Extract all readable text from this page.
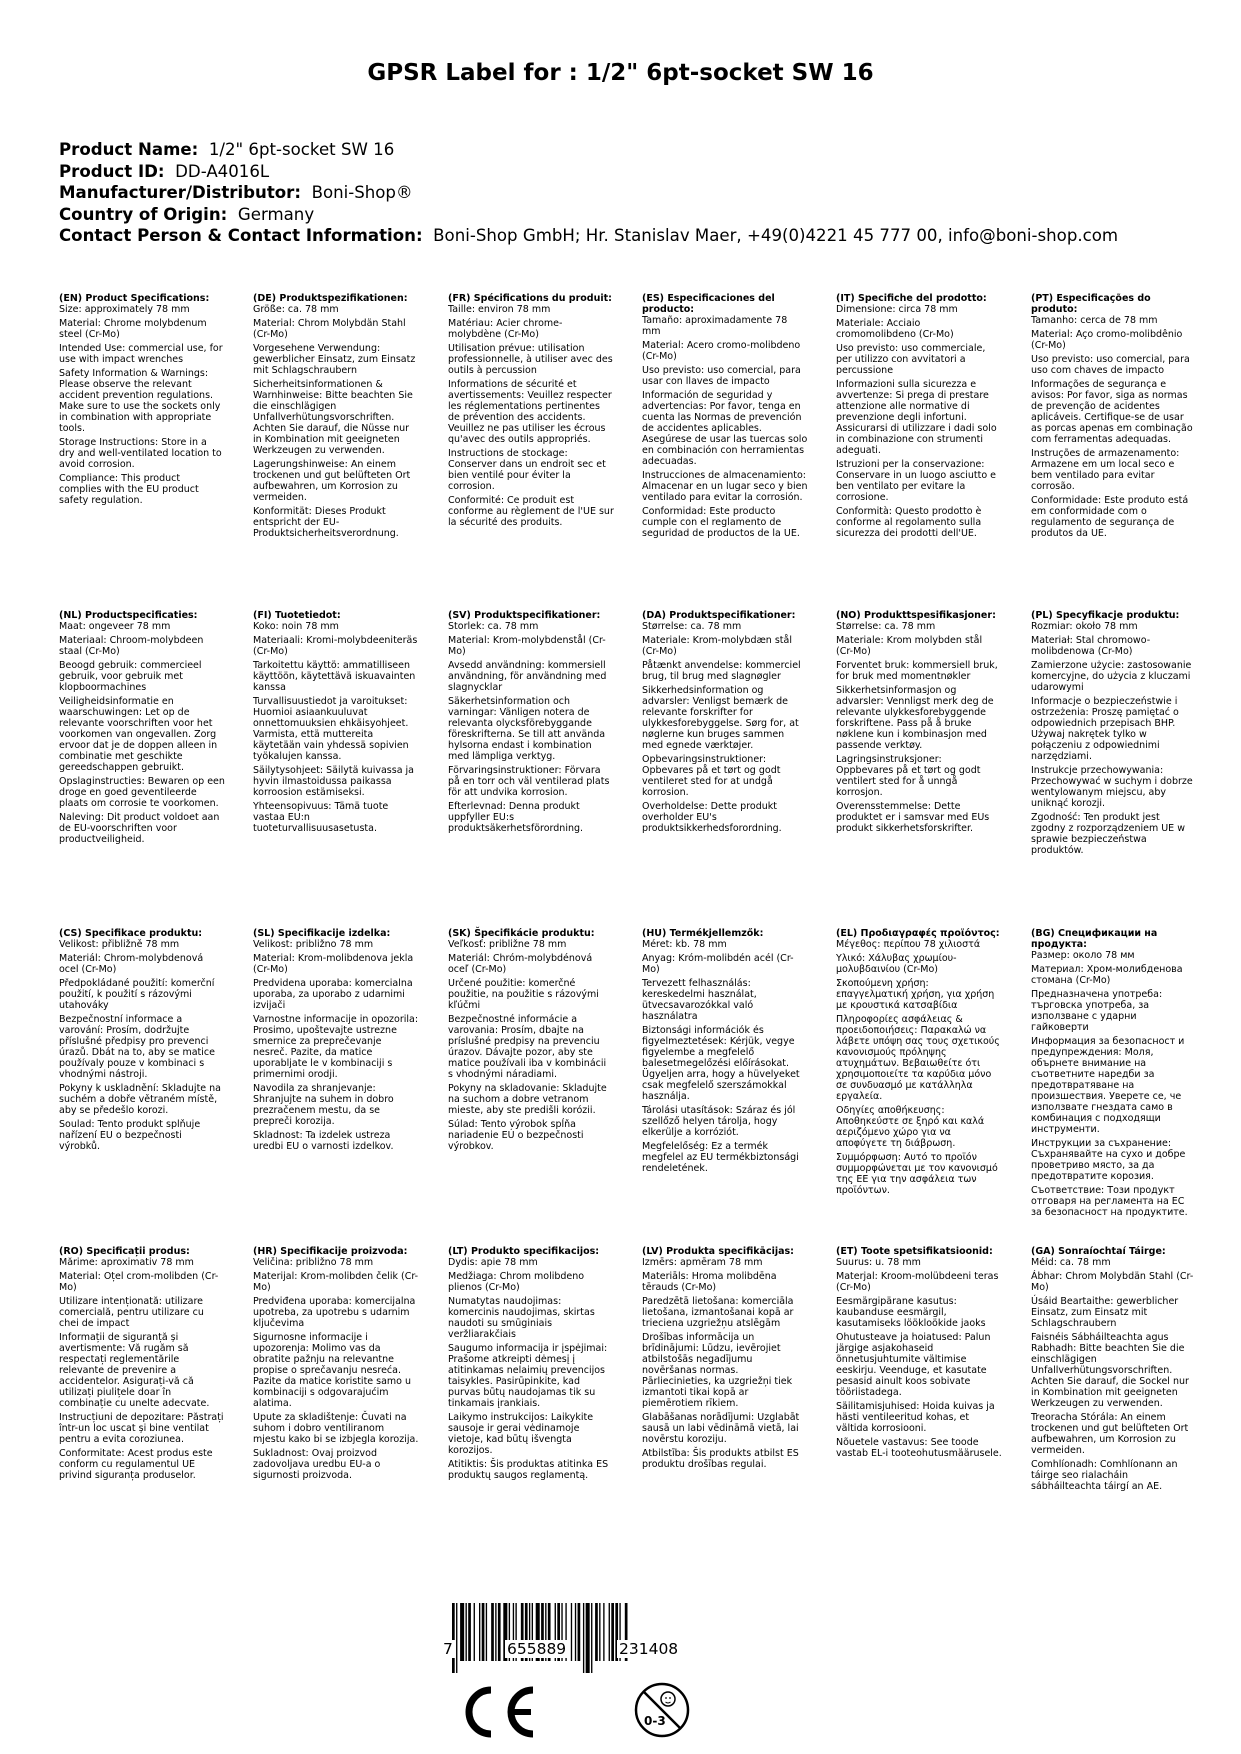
GPSR Label for : 1/2" 6pt-socket SW 16
Product Name: 1/2" 6pt-socket SW 16
Product ID: DD-A4016L
Manufacturer/Distributor: Boni-Shop®
Country of Origin: Germany
Contact Person & Contact Information: Boni-Shop GmbH; Hr. Stanislav Maer, +49(0)4221 45 777 00, info@boni-shop.com
(EN) Product Specifications:
Size: approximately 78 mm
Material: Chrome molybdenum steel (Cr-Mo)
Intended Use: commercial use, for use with impact wrenches
Safety Information & Warnings: Please observe the relevant accident prevention regulations. Make sure to use the sockets only in combination with appropriate tools.
Storage Instructions: Store in a dry and well-ventilated location to avoid corrosion.
Compliance: This product complies with the EU product safety regulation.
(DE) Produktspezifikationen:
Größe: ca. 78 mm
Material: Chrom Molybdän Stahl (Cr-Mo)
Vorgesehene Verwendung: gewerblicher Einsatz, zum Einsatz mit Schlagschraubern
Sicherheitsinformationen & Warnhinweise: Bitte beachten Sie die einschlägigen Unfallverhütungsvorschriften. Achten Sie darauf, die Nüsse nur in Kombination mit geeigneten Werkzeugen zu verwenden.
Lagerungshinweise: An einem trockenen und gut belüfteten Ort aufbewahren, um Korrosion zu vermeiden.
Konformität: Dieses Produkt entspricht der EU-Produktsicherheitsverordnung.
(FR) Spécifications du produit:
Taille: environ 78 mm
Matériau: Acier chrome-molybdène (Cr-Mo)
Utilisation prévue: utilisation professionnelle, à utiliser avec des outils à percussion
Informations de sécurité et avertissements: Veuillez respecter les réglementations pertinentes de prévention des accidents. Veuillez ne pas utiliser les écrous qu'avec des outils appropriés.
Instructions de stockage: Conserver dans un endroit sec et bien ventilé pour éviter la corrosion.
Conformité: Ce produit est conforme au règlement de l'UE sur la sécurité des produits.
(ES) Especificaciones del producto:
Tamaño: aproximadamente 78 mm
Material: Acero cromo-molibdeno (Cr-Mo)
Uso previsto: uso comercial, para usar con llaves de impacto
Información de seguridad y advertencias: Por favor, tenga en cuenta las Normas de prevención de accidentes aplicables. Asegúrese de usar las tuercas solo en combinación con herramientas adecuadas.
Instrucciones de almacenamiento: Almacenar en un lugar seco y bien ventilado para evitar la corrosión.
Conformidad: Este producto cumple con el reglamento de seguridad de productos de la UE.
(IT) Specifiche del prodotto:
Dimensione: circa 78 mm
Materiale: Acciaio cromomolibdeno (Cr-Mo)
Uso previsto: uso commerciale, per utilizzo con avvitatori a percussione
Informazioni sulla sicurezza e avvertenze: Si prega di prestare attenzione alle normative di prevenzione degli infortuni. Assicurarsi di utilizzare i dadi solo in combinazione con strumenti adeguati.
Istruzioni per la conservazione: Conservare in un luogo asciutto e ben ventilato per evitare la corrosione.
Conformità: Questo prodotto è conforme al regolamento sulla sicurezza dei prodotti dell'UE.
(PT) Especificações do produto:
Tamanho: cerca de 78 mm
Material: Aço cromo-molibdênio (Cr-Mo)
Uso previsto: uso comercial, para uso com chaves de impacto
Informações de segurança e avisos: Por favor, siga as normas de prevenção de acidentes aplicáveis. Certifique-se de usar as porcas apenas em combinação com ferramentas adequadas.
Instruções de armazenamento: Armazene em um local seco e bem ventilado para evitar corrosão.
Conformidade: Este produto está em conformidade com o regulamento de segurança de produtos da UE.
(NL) Productspecificaties:
Maat: ongeveer 78 mm
Materiaal: Chroom-molybdeen staal (Cr-Mo)
Beoogd gebruik: commercieel gebruik, voor gebruik met klopboormachines
Veiligheidsinformatie en waarschuwingen: Let op de relevante voorschriften voor het voorkomen van ongevallen. Zorg ervoor dat je de doppen alleen in combinatie met geschikte gereedschappen gebruikt.
Opslaginstructies: Bewaren op een droge en goed geventileerde plaats om corrosie te voorkomen.
Naleving: Dit product voldoet aan de EU-voorschriften voor productveiligheid.
(FI) Tuotetiedot:
Koko: noin 78 mm
Materiaali: Kromi-molybdeeniteräs (Cr-Mo)
Tarkoitettu käyttö: ammatilliseen käyttöön, käytettävä iskuavainten kanssa
Turvallisuustiedot ja varoitukset: Huomioi asiaankuuluvat onnettomuuksien ehkäisyohjeet. Varmista, että muttereita käytetään vain yhdessä sopivien työkalujen kanssa.
Säilytysohjeet: Säilytä kuivassa ja hyvin ilmastoidussa paikassa korroosion estämiseksi.
Yhteensopivuus: Tämä tuote vastaa EU:n tuoteturvallisuusasetusta.
(SV) Produktspecifikationer:
Storlek: ca. 78 mm
Material: Krom-molybdenstål (Cr-Mo)
Avsedd användning: kommersiell användning, för användning med slagnycklar
Säkerhetsinformation och varningar: Vänligen notera de relevanta olycksförebyggande föreskrifterna. Se till att använda hylsorna endast i kombination med lämpliga verktyg.
Förvaringsinstruktioner: Förvara på en torr och väl ventilerad plats för att undvika korrosion.
Efterlevnad: Denna produkt uppfyller EU:s produktsäkerhetsförordning.
(DA) Produktspecifikationer:
Størrelse: ca. 78 mm
Materiale: Krom-molybdæn stål (Cr-Mo)
Påtænkt anvendelse: kommerciel brug, til brug med slagnøgler
Sikkerhedsinformation og advarsler: Venligst bemærk de relevante forskrifter for ulykkesforebyggelse. Sørg for, at nøglerne kun bruges sammen med egnede værktøjer.
Opbevaringsinstruktioner: Opbevares på et tørt og godt ventileret sted for at undgå korrosion.
Overholdelse: Dette produkt overholder EU's produktsikkerhedsforordning.
(NO) Produkttspesifikasjoner:
Størrelse: ca. 78 mm
Materiale: Krom molybden stål (Cr-Mo)
Forventet bruk: kommersiell bruk, for bruk med momentnøkler
Sikkerhetsinformasjon og advarsler: Vennligst merk deg de relevante ulykkesforebyggende forskriftene. Pass på å bruke nøklene kun i kombinasjon med passende verktøy.
Lagringsinstruksjoner: Oppbevares på et tørt og godt ventilert sted for å unngå korrosjon.
Overensstemmelse: Dette produktet er i samsvar med EUs produkt sikkerhetsforskrifter.
(PL) Specyfikacje produktu:
Rozmiar: około 78 mm
Materiał: Stal chromowo-molibdenowa (Cr-Mo)
Zamierzone użycie: zastosowanie komercyjne, do użycia z kluczami udarowymi
Informacje o bezpieczeństwie i ostrzeżenia: Proszę pamiętać o odpowiednich przepisach BHP. Używaj nakrętek tylko w połączeniu z odpowiednimi narzędziami.
Instrukcje przechowywania: Przechowywać w suchym i dobrze wentylowanym miejscu, aby uniknąć korozji.
Zgodność: Ten produkt jest zgodny z rozporządzeniem UE w sprawie bezpieczeństwa produktów.
(CS) Specifikace produktu:
Velikost: přibližně 78 mm
Materiál: Chrom-molybdenová ocel (Cr-Mo)
Předpokládané použití: komerční použití, k použití s rázovými utahováky
Bezpečnostní informace a varování: Prosím, dodržujte příslušné předpisy pro prevenci úrazů. Dbát na to, aby se matice používaly pouze v kombinaci s vhodnými nástroji.
Pokyny k uskladnění: Skladujte na suchém a dobře větraném místě, aby se předešlo korozi.
Soulad: Tento produkt splňuje nařízení EU o bezpečnosti výrobků.
(SL) Specifikacije izdelka:
Velikost: približno 78 mm
Material: Krom-molibdenova jekla (Cr-Mo)
Predvidena uporaba: komercialna uporaba, za uporabo z udarnimi izvijači
Varnostne informacije in opozorila: Prosimo, upoštevajte ustrezne smernice za preprečevanje nesreč. Pazite, da matice uporabljate le v kombinaciji s primernimi orodji.
Navodila za shranjevanje: Shranjujte na suhem in dobro prezračenem mestu, da se prepreči korozija.
Skladnost: Ta izdelek ustreza uredbi EU o varnosti izdelkov.
(SK) Špecifikácie produktu:
Veľkosť: približne 78 mm
Materiál: Chróm-molybdénová oceľ (Cr-Mo)
Určené použitie: komerčné použitie, na použitie s rázovými kľúčmi
Bezpečnostné informácie a varovania: Prosím, dbajte na príslušné predpisy na prevenciu úrazov. Dávajte pozor, aby ste matice používali iba v kombinácii s vhodnými náradiami.
Pokyny na skladovanie: Skladujte na suchom a dobre vetranom mieste, aby ste predišli korózii.
Súlad: Tento výrobok spĺňa nariadenie EÚ o bezpečnosti výrobkov.
(HU) Termékjellemzők:
Méret: kb. 78 mm
Anyag: Króm-molibdén acél (Cr-Mo)
Tervezett felhasználás: kereskedelmi használat, ütvecsavarozókkal való használatra
Biztonsági információk és figyelmeztetések: Kérjük, vegye figyelembe a megfelelő balesetmegelőzési előírásokat. Ügyeljen arra, hogy a hüvelyeket csak megfelelő szerszámokkal használja.
Tárolási utasítások: Száraz és jól szellőző helyen tárolja, hogy elkerülje a korróziót.
Megfelelőség: Ez a termék megfelel az EU termékbiztonsági rendeletének.
(EL) Προδιαγραφές προϊόντος:
Μέγεθος: περίπου 78 χιλιοστά
Υλικό: Χάλυβας χρωμίου-μολυβδαινίου (Cr-Mo)
Σκοπούμενη χρήση: επαγγελματική χρήση, για χρήση με κρουστικά κατσαβίδια
Πληροφορίες ασφάλειας & προειδοποιήσεις: Παρακαλώ να λάβετε υπόψη σας τους σχετικούς κανονισμούς πρόληψης ατυχημάτων. Βεβαιωθείτε ότι χρησιμοποιείτε τα καρύδια μόνο σε συνδυασμό με κατάλληλα εργαλεία.
Οδηγίες αποθήκευσης: Αποθηκεύστε σε ξηρό και καλά αεριζόμενο χώρο για να αποφύγετε τη διάβρωση.
Συμμόρφωση: Αυτό το προϊόν συμμορφώνεται με τον κανονισμό της ΕΕ για την ασφάλεια των προϊόντων.
(BG) Спецификации на продукта:
Размер: около 78 мм
Материал: Хром-молибденова стомана (Cr-Mo)
Предназначена употреба: търговска употреба, за използване с ударни гайковерти
Информация за безопасност и предупреждения: Моля, обърнете внимание на съответните наредби за предотвратяване на произшествия. Уверете се, че използвате гнездата само в комбинация с подходящи инструменти.
Инструкции за съхранение: Съхранявайте на сухо и добре проветриво място, за да предотвратите корозия.
Съответствие: Този продукт отговаря на регламента на ЕС за безопасност на продуктите.
(RO) Specificații produs:
Mărime: aproximativ 78 mm
Material: Oțel crom-molibden (Cr-Mo)
Utilizare intenționată: utilizare comercială, pentru utilizare cu chei de impact
Informații de siguranță și avertismente: Vă rugăm să respectați reglementările relevante de prevenire a accidentelor. Asigurați-vă că utilizați piulițele doar în combinație cu unelte adecvate.
Instrucțiuni de depozitare: Păstrați într-un loc uscat și bine ventilat pentru a evita coroziunea.
Conformitate: Acest produs este conform cu regulamentul UE privind siguranța produselor.
(HR) Specifikacije proizvoda:
Veličina: približno 78 mm
Materijal: Krom-molibden čelik (Cr-Mo)
Predviđena uporaba: komercijalna upotreba, za upotrebu s udarnim ključevima
Sigurnosne informacije i upozorenja: Molimo vas da obratite pažnju na relevantne propise o sprečavanju nesreća. Pazite da matice koristite samo u kombinaciji s odgovarajućim alatima.
Upute za skladištenje: Čuvati na suhom i dobro ventiliranom mjestu kako bi se izbjegla korozija.
Sukladnost: Ovaj proizvod zadovoljava uredbu EU-a o sigurnosti proizvoda.
(LT) Produkto specifikacijos:
Dydis: apie 78 mm
Medžiaga: Chrom molibdeno plienos (Cr-Mo)
Numatytas naudojimas: komercinis naudojimas, skirtas naudoti su smūginiais veržliarakčiais
Saugumo informacija ir įspėjimai: Prašome atkreipti dėmesį į atitinkamas nelaimių prevencijos taisykles. Pasirūpinkite, kad purvas būtų naudojamas tik su tinkamais įrankiais.
Laikymo instrukcijos: Laikykite sausoje ir gerai vėdinamoje vietoje, kad būtų išvengta korozijos.
Atitiktis: Šis produktas atitinka ES produktų saugos reglamentą.
(LV) Produkta specifikācijas:
Izmērs: apmēram 78 mm
Materiāls: Hroma molibdēna tērauds (Cr-Mo)
Paredzētā lietošana: komerciāla lietošana, izmantošanai kopā ar trieciena uzgriežņu atslēgām
Drošības informācija un brīdinājumi: Lūdzu, ievērojiet atbilstošās negadījumu novēršanas normas. Pārliecinieties, ka uzgriežņi tiek izmantoti tikai kopā ar piemērotiem rīkiem.
Glabāšanas norādījumi: Uzglabāt sausā un labi vēdināmā vietā, lai novērstu koroziju.
Atbilstība: Šis produkts atbilst ES produktu drošības regulai.
(ET) Toote spetsifikatsioonid:
Suurus: u. 78 mm
Materjal: Kroom-molübdeeni teras (Cr-Mo)
Eesmärgipärane kasutus: kaubanduse eesmärgil, kasutamiseks löökloökide jaoks
Ohutusteave ja hoiatused: Palun järgige asjakohaseid õnnetusjuhtumite vältimise eeskirju. Veenduge, et kasutate pesasid ainult koos sobivate tööriistadega.
Säilitamisjuhised: Hoida kuivas ja hästi ventileeritud kohas, et vältida korrosiooni.
Nõuetele vastavus: See toode vastab EL-i tooteohutusmäärusele.
(GA) Sonraíochtaí Táirge:
Méid: ca. 78 mm
Ábhar: Chrom Molybdän Stahl (Cr-Mo)
Úsáid Beartaithe: gewerblicher Einsatz, zum Einsatz mit Schlagschraubern
Faisnéis Sábháilteachta agus Rabhadh: Bitte beachten Sie die einschlägigen Unfallverhütungsvorschriften. Achten Sie darauf, die Sockel nur in Kombination mit geeigneten Werkzeugen zu verwenden.
Treoracha Stórála: An einem trockenen und gut belüfteten Ort aufbewahren, um Korrosion zu vermeiden.
Comhlíonadh: Comhlíonann an táirge seo rialacháin sábháilteachta táirgí an AE.
7	655889	231408
0-3
